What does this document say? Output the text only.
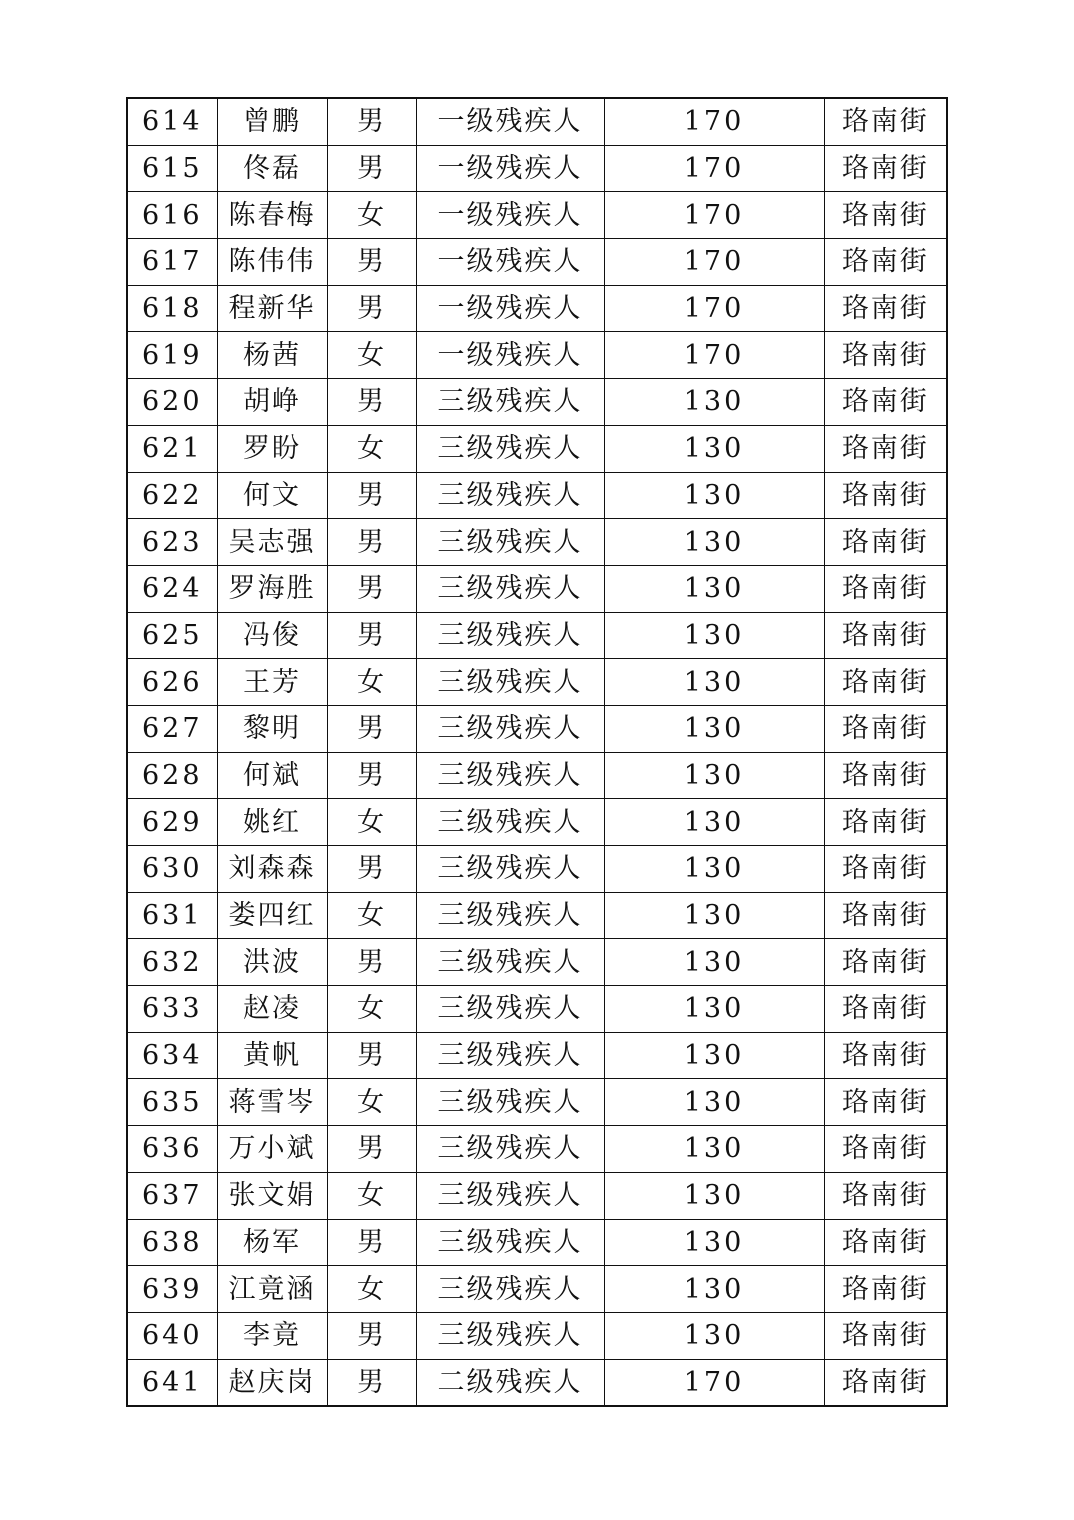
614	曾鹏	男	一级残疾人	170	珞南街
615	佟磊	男	一级残疾人	170	珞南街
616	陈春梅	女	一级残疾人	170	珞南街
617	陈伟伟	男	一级残疾人	170	珞南街
618	程新华	男	一级残疾人	170	珞南街
619	杨茜	女	一级残疾人	170	珞南街
620	胡峥	男	三级残疾人	130	珞南街
621	罗盼	女	三级残疾人	130	珞南街
622	何文	男	三级残疾人	130	珞南街
623	吴志强	男	三级残疾人	130	珞南街
624	罗海胜	男	三级残疾人	130	珞南街
625	冯俊	男	三级残疾人	130	珞南街
626	王芳	女	三级残疾人	130	珞南街
627	黎明	男	三级残疾人	130	珞南街
628	何斌	男	三级残疾人	130	珞南街
629	姚红	女	三级残疾人	130	珞南街
630	刘森森	男	三级残疾人	130	珞南街
631	娄四红	女	三级残疾人	130	珞南街
632	洪波	男	三级残疾人	130	珞南街
633	赵凌	女	三级残疾人	130	珞南街
634	黄帆	男	三级残疾人	130	珞南街
635	蒋雪岑	女	三级残疾人	130	珞南街
636	万小斌	男	三级残疾人	130	珞南街
637	张文娟	女	三级残疾人	130	珞南街
638	杨军	男	三级残疾人	130	珞南街
639	江竟涵	女	三级残疾人	130	珞南街
640	李竟	男	三级残疾人	130	珞南街
641	赵庆岗	男	二级残疾人	170	珞南街
